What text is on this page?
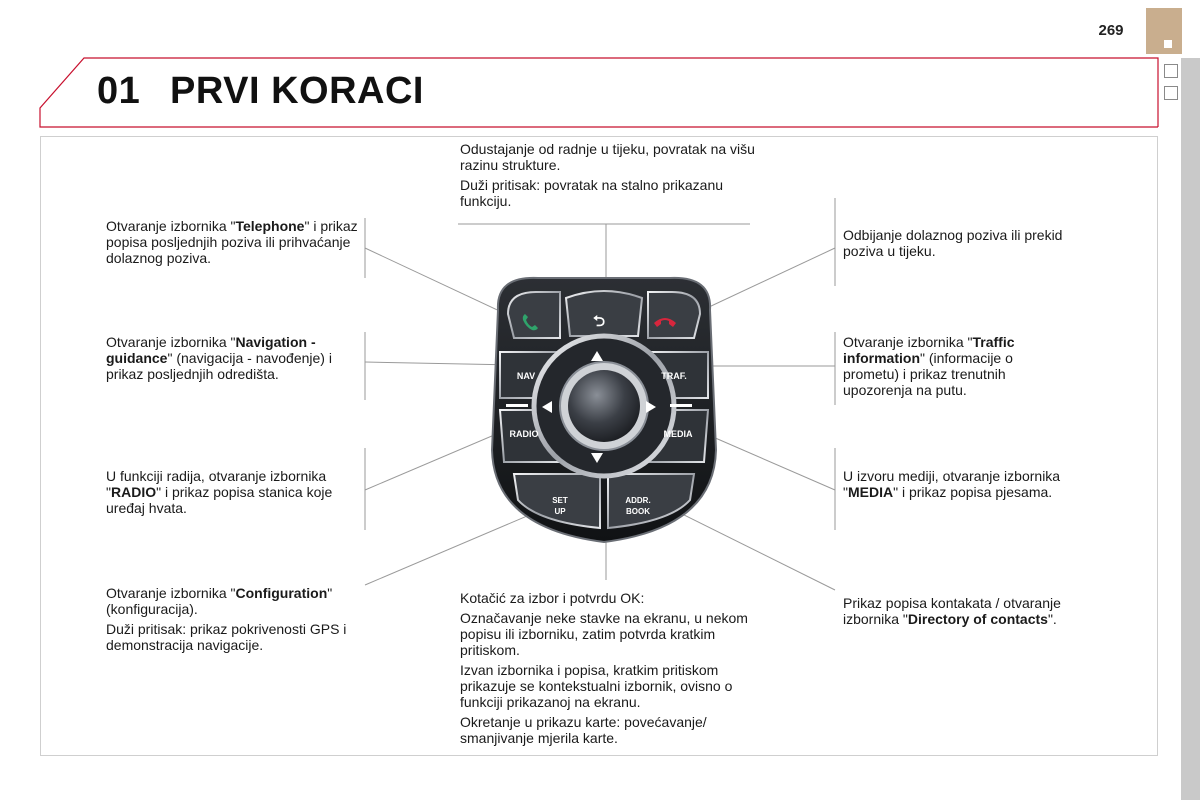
269
01 PRVI KORACI
⮌
NAV	TRAF.
RADIO	MEDIA
SET
UP
ADDR.
BOOK

Odustajanje od radnje u tijeku, povratak na višu razinu strukture.

Duži pritisak: povratak na stalno prikazanu funkciju.

Otvaranje izbornika "Telephone" i prikaz popisa posljednjih poziva ili prihvaćanje dolaznog poziva.

Odbijanje dolaznog poziva ili prekid poziva u tijeku.

Otvaranje izbornika "Navigation - guidance" (navigacija - navođenje) i prikaz posljednjih odredišta.

Otvaranje izbornika "Traffic information" (informacije o prometu) i prikaz trenutnih upozorenja na putu.

U funkciji radija, otvaranje izbornika "RADIO" i prikaz popisa stanica koje uređaj hvata.

U izvoru mediji, otvaranje izbornika "MEDIA" i prikaz popisa pjesama.

Otvaranje izbornika "Configuration" (konfiguracija).

Duži pritisak: prikaz pokrivenosti GPS i demonstracija navigacije.

Kotačić za izbor i potvrdu OK:

Označavanje neke stavke na ekranu, u nekom popisu ili izborniku, zatim potvrda kratkim pritiskom.

Izvan izbornika i popisa, kratkim pritiskom prikazuje se kontekstualni izbornik, ovisno o funkciji prikazanoj na ekranu.

Okretanje u prikazu karte: povećavanje/ smanjivanje mjerila karte.

Prikaz popisa kontakata / otvaranje izbornika "Directory of contacts".
